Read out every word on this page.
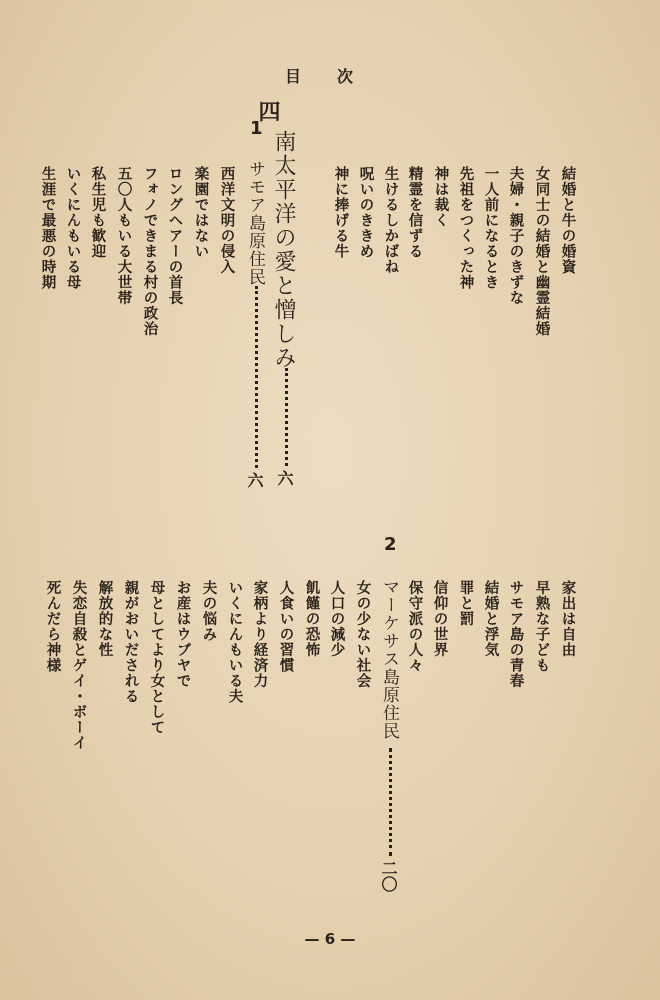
目次
四
南太平洋の愛と憎しみ
六
1
サモア島原住民
六
結婚と牛の婚資
女同士の結婚と幽霊結婚
夫婦・親子のきずな
一人前になるとき
先祖をつくった神
神は裁く
精霊を信ずる
生けるしかばね
呪いのききめ
神に捧げる牛
西洋文明の侵入
楽園ではない
ロングヘアーの首長
フォノできまる村の政治
五〇人もいる大世帯
私生児も歓迎
いくにんもいる母
生涯で最悪の時期
2
マーケサス島原住民
二〇
家出は自由
早熟な子ども
サモア島の青春
結婚と浮気
罪と罰
信仰の世界
保守派の人々
女の少ない社会
人口の減少
飢饉の恐怖
人食いの習慣
家柄より経済力
いくにんもいる夫
夫の悩み
お産はウブヤで
母としてより女として
親がおいだされる
解放的な性
失恋自殺とゲイ・ボーイ
死んだら神様
— 6 —
